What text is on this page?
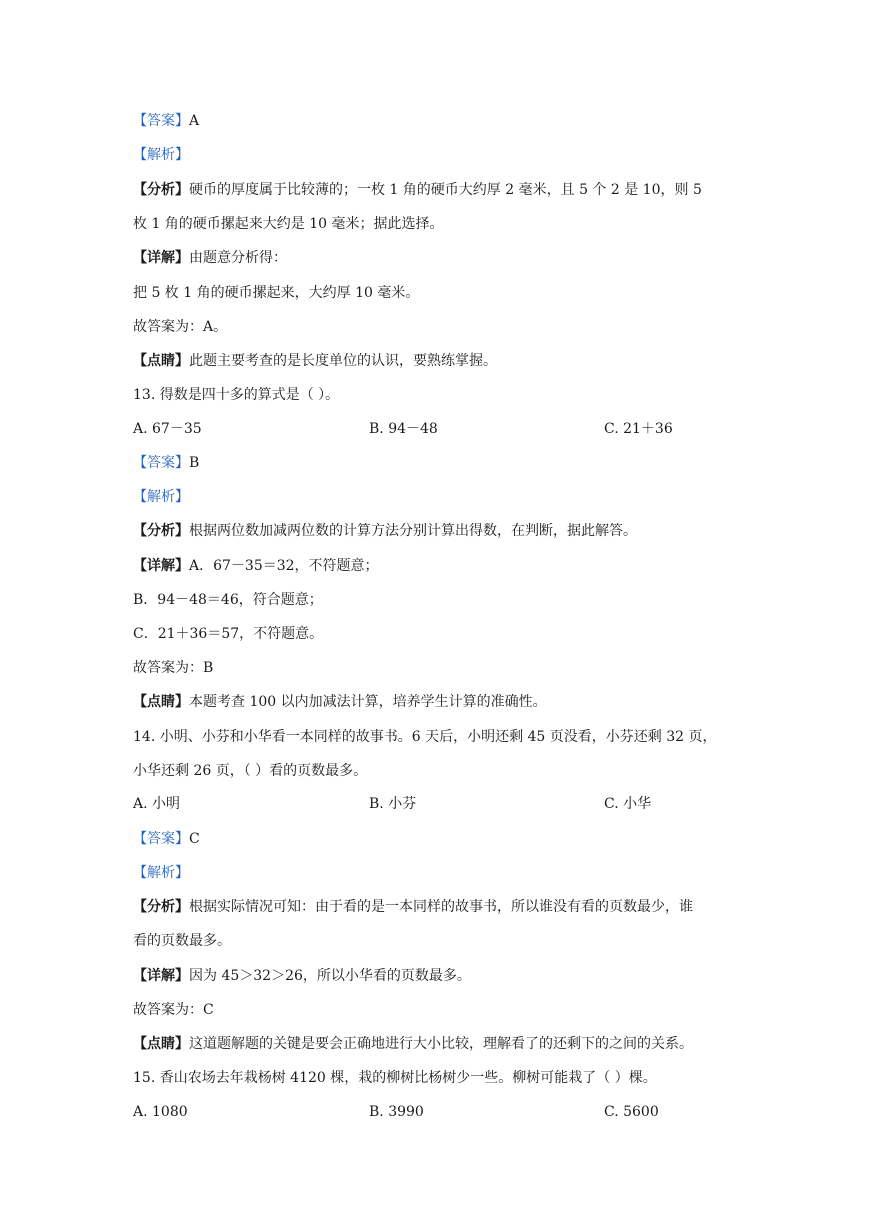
【答案】A
【解析】
【分析】硬币的厚度属于比较薄的；一枚 1 角的硬币大约厚 2 毫米，且 5 个 2 是 10，则 5
枚 1 角的硬币摞起来大约是 10 毫米；据此选择。
【详解】由题意分析得：
把 5 枚 1 角的硬币摞起来，大约厚 10 毫米。
故答案为：A。
【点睛】此题主要考查的是长度单位的认识，要熟练掌握。
13. 得数是四十多的算式是（ ）。
A. 67－35	B. 94－48	C. 21＋36
【答案】B
【解析】
【分析】根据两位数加减两位数的计算方法分别计算出得数，在判断，据此解答。
【详解】A．67－35＝32，不符题意；
B．94－48＝46，符合题意；
C．21＋36＝57，不符题意。
故答案为：B
【点睛】本题考查 100 以内加减法计算，培养学生计算的准确性。
14. 小明、小芬和小华看一本同样的故事书。6 天后，小明还剩 45 页没看，小芬还剩 32 页，
小华还剩 26 页，（ ）看的页数最多。
A. 小明	B. 小芬	C. 小华
【答案】C
【解析】
【分析】根据实际情况可知：由于看的是一本同样的故事书，所以谁没有看的页数最少，谁
看的页数最多。
【详解】因为 45＞32＞26，所以小华看的页数最多。
故答案为：C
【点睛】这道题解题的关键是要会正确地进行大小比较，理解看了的还剩下的之间的关系。
15. 香山农场去年栽杨树 4120 棵，栽的柳树比杨树少一些。柳树可能栽了（ ）棵。
A. 1080	B. 3990	C. 5600
